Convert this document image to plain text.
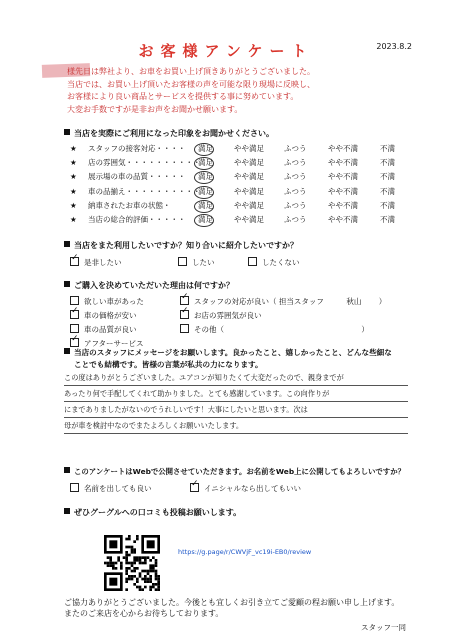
お客様アンケート	2023.8.2
様先日は弊社より、お車をお買い上げ頂きありがとうございました。
当店では、お買い上げ頂いたお客様の声を可能な限り現場に反映し、
お客様により良い商品とサービスを提供する事に努めています。
大変お手数ですが是非お声をお聞かせ願います。
当店を実際にご利用になった印象をお聞かせください。
★ スタッフの接客対応・・・・ 満足	やや満足	ふつう	やや不満	不満
★ 店の雰囲気・・・・・・・・・・
満足	やや満足	ふつう	やや不満	不満
★ 展示場の車の品質・・・・・ 満足	やや満足	ふつう	やや不満	不満
★ 車の品揃え・・・・・・・・・・
満足	やや満足	ふつう	やや不満	不満
★ 納車されたお車の状態・	満足	やや満足	ふつう	やや不満	不満
★ 当店の総合的評価・・・・・ 満足	やや満足	ふつう	やや不満	不満
当店をまた利用したいですか？知り合いに紹介したいですか？
✓是非したい	したい	したくない
ご購入を決めていただいた理由は何ですか？
欲しい車があった
✓車の価格が安い
車の品質が良い
✓アフターサービス
✓スタッフの対応が良い（ 担当スタッフ　　　秋山　　 ）
✓お店の雰囲気が良い
その他（　　　　　　　　　　　　　　　　　　 ）
当店のスタッフにメッセージをお願いします。良かったこと、嬉しかったこと、どんな些細な
ことでも結構です。皆様の言葉が私共の力になります。
この度はありがとうございました。ユアコンが知りたくて大変だったので、親身までが
あったり何で手配してくれて助かりました。とても感謝しています。この向作りが
にまでありましたがないのでうれしいです！大事にしたいと思います。次は
母が車を検討中なのでまたよろしくお願いいたします。
このアンケートはWebで公開させていただきます。お名前をWeb上に公開してもよろしいですか？
名前を出しても良い
✓	イニシャルなら出してもいい
ぜひグーグルへの口コミも投稿お願いします。
https://g.page/r/CWVjF_vc19i-EB0/review
ご協力ありがとうございました。今後とも宜しくお引き立てご愛顧の程お願い申し上げます。
またのご来店を心からお待ちしております。
スタッフ一同
